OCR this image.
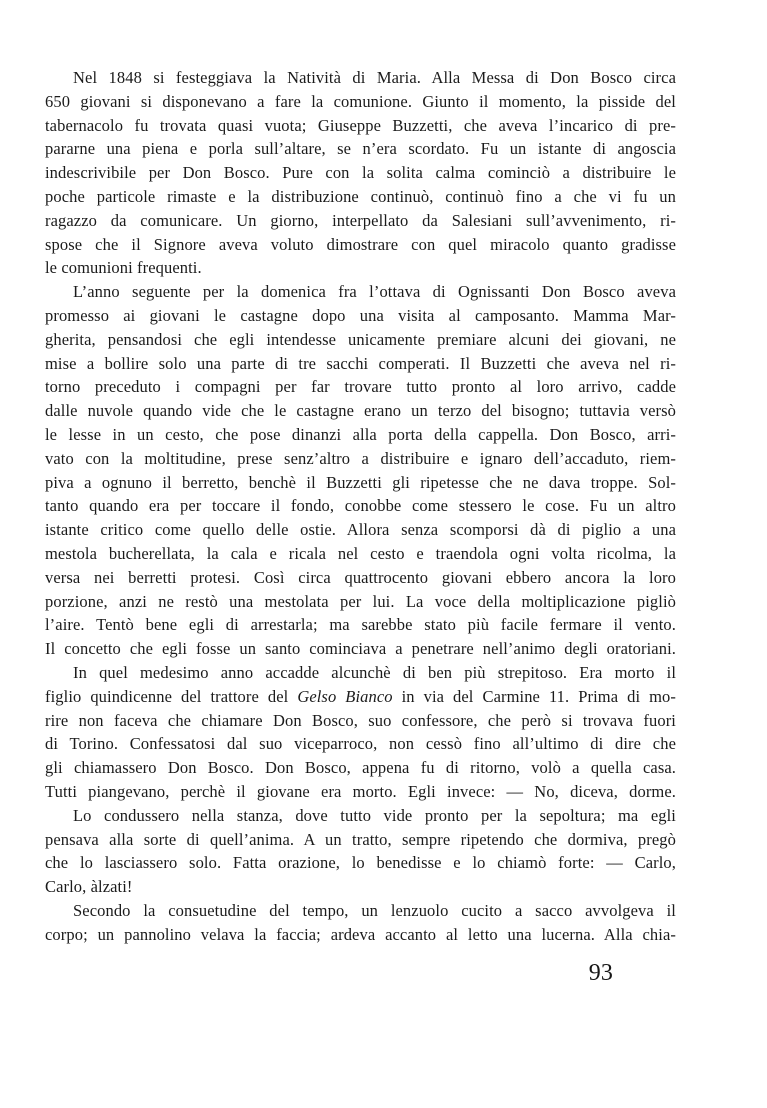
Nel 1848 si festeggiava la Natività di Maria. Alla Messa di Don Bosco circa
650 giovani si disponevano a fare la comunione. Giunto il momento, la pisside del
tabernacolo fu trovata quasi vuota; Giuseppe Buzzetti, che aveva l’incarico di pre-
pararne una piena e porla sull’altare, se n’era scordato. Fu un istante di angoscia
indescrivibile per Don Bosco. Pure con la solita calma cominciò a distribuire le
poche particole rimaste e la distribuzione continuò, continuò fino a che vi fu un
ragazzo da comunicare. Un giorno, interpellato da Salesiani sull’avvenimento, ri-
spose che il Signore aveva voluto dimostrare con quel miracolo quanto gradisse
le comunioni frequenti.
L’anno seguente per la domenica fra l’ottava di Ognissanti Don Bosco aveva
promesso ai giovani le castagne dopo una visita al camposanto. Mamma Mar-
gherita, pensandosi che egli intendesse unicamente premiare alcuni dei giovani, ne
mise a bollire solo una parte di tre sacchi comperati. Il Buzzetti che aveva nel ri-
torno preceduto i compagni per far trovare tutto pronto al loro arrivo, cadde
dalle nuvole quando vide che le castagne erano un terzo del bisogno; tuttavia versò
le lesse in un cesto, che pose dinanzi alla porta della cappella. Don Bosco, arri-
vato con la moltitudine, prese senz’altro a distribuire e ignaro dell’accaduto, riem-
piva a ognuno il berretto, benchè il Buzzetti gli ripetesse che ne dava troppe. Sol-
tanto quando era per toccare il fondo, conobbe come stessero le cose. Fu un altro
istante critico come quello delle ostie. Allora senza scomporsi dà di piglio a una
mestola bucherellata, la cala e ricala nel cesto e traendola ogni volta ricolma, la
versa nei berretti protesi. Così circa quattrocento giovani ebbero ancora la loro
porzione, anzi ne restò una mestolata per lui. La voce della moltiplicazione pigliò
l’aire. Tentò bene egli di arrestarla; ma sarebbe stato più facile fermare il vento.
Il concetto che egli fosse un santo cominciava a penetrare nell’animo degli oratoriani.
In quel medesimo anno accadde alcunchè di ben più strepitoso. Era morto il
figlio quindicenne del trattore del Gelso Bianco in via del Carmine 11. Prima di mo-
rire non faceva che chiamare Don Bosco, suo confessore, che però si trovava fuori
di Torino. Confessatosi dal suo viceparroco, non cessò fino all’ultimo di dire che
gli chiamassero Don Bosco. Don Bosco, appena fu di ritorno, volò a quella casa.
Tutti piangevano, perchè il giovane era morto. Egli invece: — No, diceva, dorme.
Lo condussero nella stanza, dove tutto vide pronto per la sepoltura; ma egli
pensava alla sorte di quell’anima. A un tratto, sempre ripetendo che dormiva, pregò
che lo lasciassero solo. Fatta orazione, lo benedisse e lo chiamò forte: — Carlo,
Carlo, àlzati!
Secondo la consuetudine del tempo, un lenzuolo cucito a sacco avvolgeva il
corpo; un pannolino velava la faccia; ardeva accanto al letto una lucerna. Alla chia-
93
